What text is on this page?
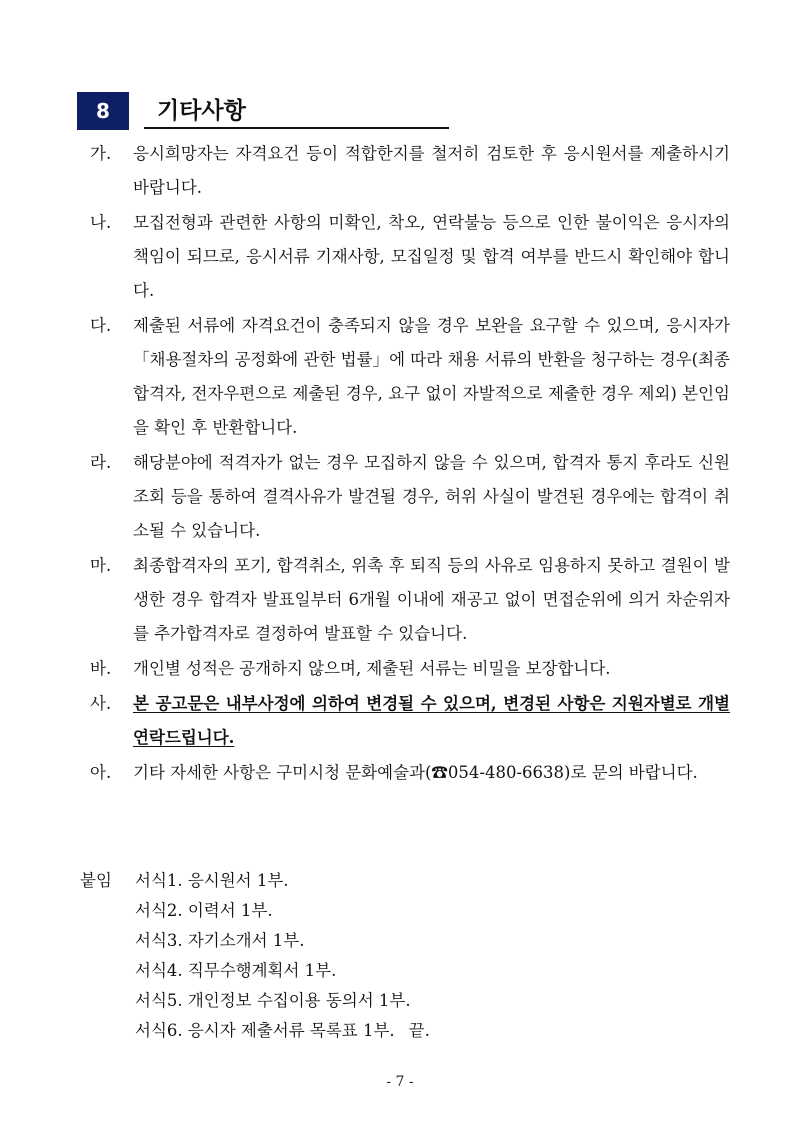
8	기타사항
가. 응시희망자는 자격요건 등이 적합한지를 철저히 검토한 후 응시원서를 제출하시기 바랍니다.
나. 모집전형과 관련한 사항의 미확인, 착오, 연락불능 등으로 인한 불이익은 응시자의 책임이 되므로, 응시서류 기재사항, 모집일정 및 합격 여부를 반드시 확인해야 합니다.
다. 제출된 서류에 자격요건이 충족되지 않을 경우 보완을 요구할 수 있으며, 응시자가 「채용절차의 공정화에 관한 법률」에 따라 채용 서류의 반환을 청구하는 경우(최종합격자, 전자우편으로 제출된 경우, 요구 없이 자발적으로 제출한 경우 제외) 본인임을 확인 후 반환합니다.
라. 해당분야에 적격자가 없는 경우 모집하지 않을 수 있으며, 합격자 통지 후라도 신원조회 등을 통하여 결격사유가 발견될 경우, 허위 사실이 발견된 경우에는 합격이 취소될 수 있습니다.
마. 최종합격자의 포기, 합격취소, 위촉 후 퇴직 등의 사유로 임용하지 못하고 결원이 발생한 경우 합격자 발표일부터 6개월 이내에 재공고 없이 면접순위에 의거 차순위자를 추가합격자로 결정하여 발표할 수 있습니다.
바. 개인별 성적은 공개하지 않으며, 제출된 서류는 비밀을 보장합니다.
사. 본 공고문은 내부사정에 의하여 변경될 수 있으며, 변경된 사항은 지원자별로 개별 연락드립니다.
아. 기타 자세한 사항은 구미시청 문화예술과(☎054-480-6638)로 문의 바랍니다.
붙임 서식1. 응시원서 1부.
서식2. 이력서 1부.
서식3. 자기소개서 1부.
서식4. 직무수행계획서 1부.
서식5. 개인정보 수집이용 동의서 1부.
서식6. 응시자 제출서류 목록표 1부. 끝.
- 7 -
